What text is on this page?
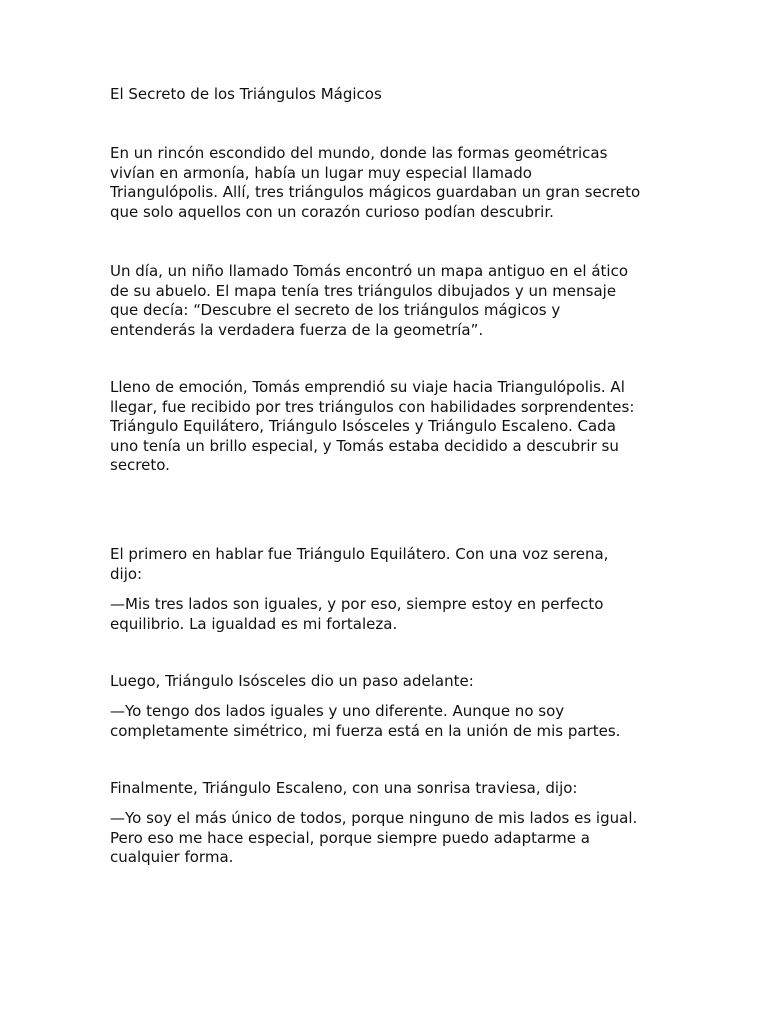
El Secreto de los Triángulos Mágicos

En un rincón escondido del mundo, donde las formas geométricas
vivían en armonía, había un lugar muy especial llamado
Triangulópolis. Allí, tres triángulos mágicos guardaban un gran secreto
que solo aquellos con un corazón curioso podían descubrir.

Un día, un niño llamado Tomás encontró un mapa antiguo en el ático
de su abuelo. El mapa tenía tres triángulos dibujados y un mensaje
que decía: “Descubre el secreto de los triángulos mágicos y
entenderás la verdadera fuerza de la geometría”.

Lleno de emoción, Tomás emprendió su viaje hacia Triangulópolis. Al
llegar, fue recibido por tres triángulos con habilidades sorprendentes:
Triángulo Equilátero, Triángulo Isósceles y Triángulo Escaleno. Cada
uno tenía un brillo especial, y Tomás estaba decidido a descubrir su
secreto.

El primero en hablar fue Triángulo Equilátero. Con una voz serena,
dijo:

—Mis tres lados son iguales, y por eso, siempre estoy en perfecto
equilibrio. La igualdad es mi fortaleza.

Luego, Triángulo Isósceles dio un paso adelante:

—Yo tengo dos lados iguales y uno diferente. Aunque no soy
completamente simétrico, mi fuerza está en la unión de mis partes.

Finalmente, Triángulo Escaleno, con una sonrisa traviesa, dijo:

—Yo soy el más único de todos, porque ninguno de mis lados es igual.
Pero eso me hace especial, porque siempre puedo adaptarme a
cualquier forma.
